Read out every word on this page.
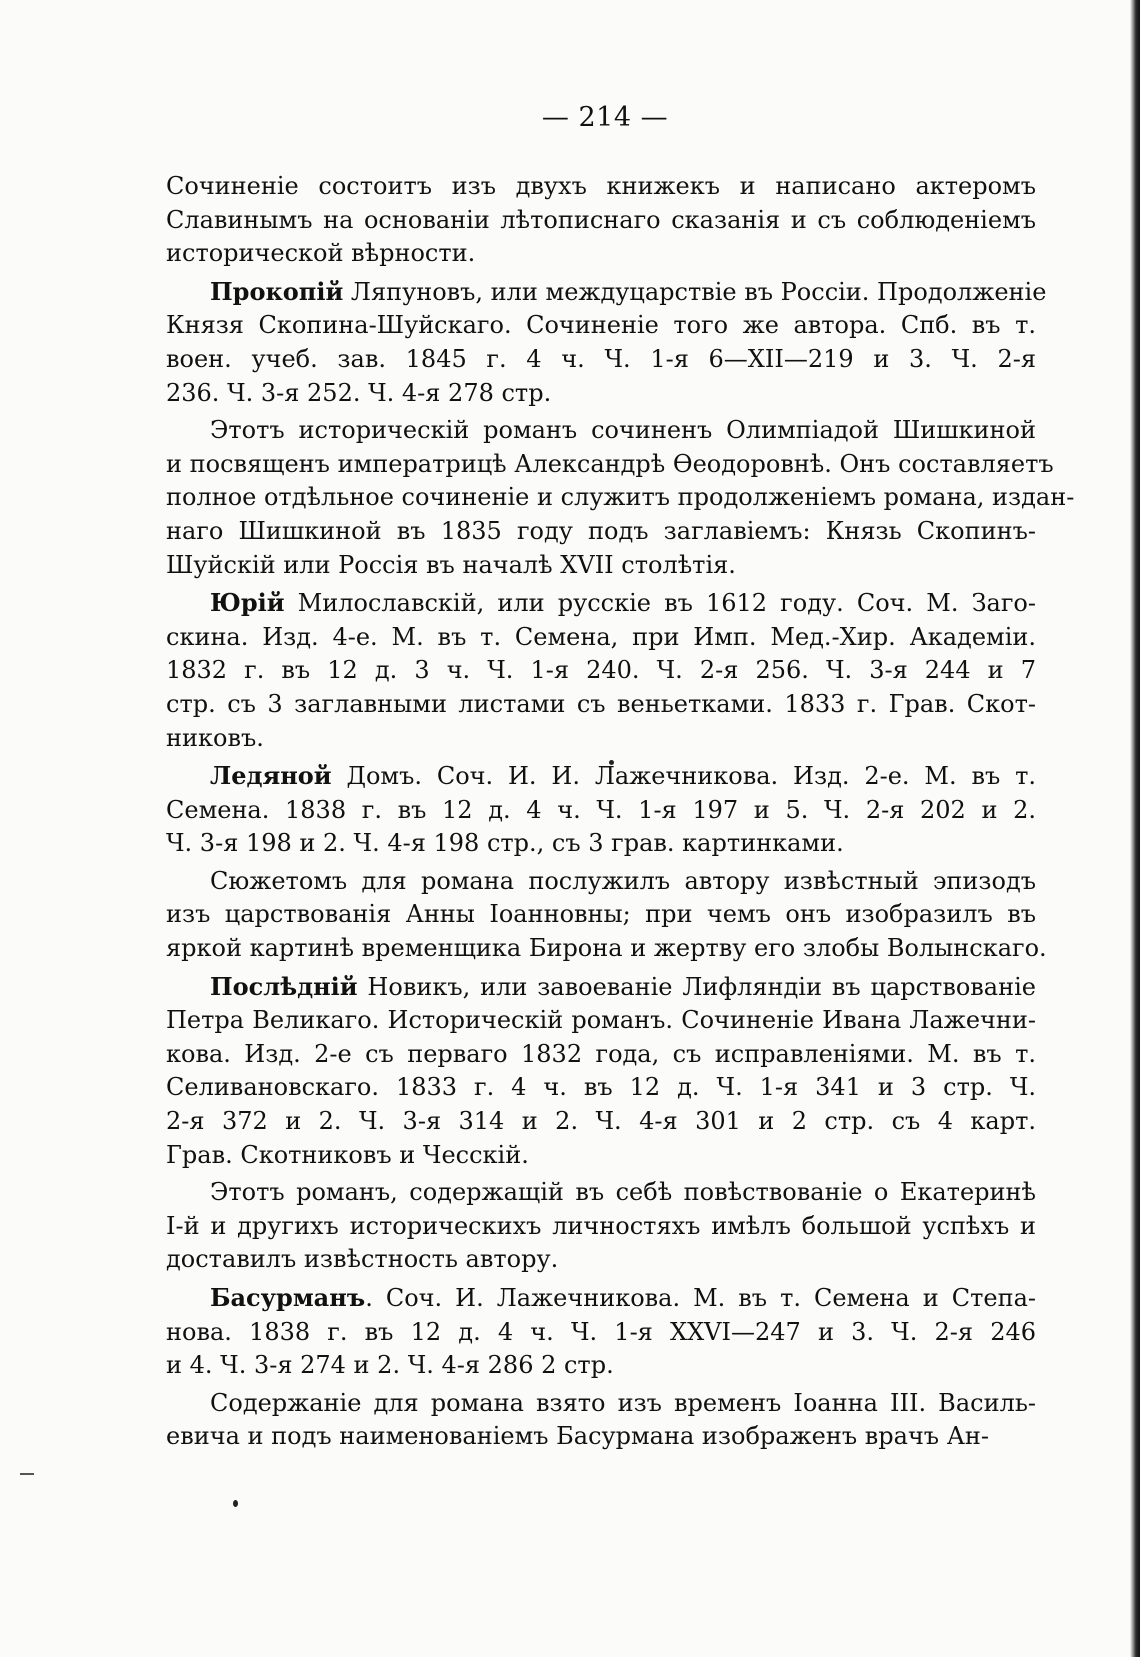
— 214 —
Сочиненіе состоитъ изъ двухъ книжекъ и написано актеромъ
Славинымъ на основаніи лѣтописнаго сказанія и съ соблюденіемъ
исторической вѣрности.
Прокопій Ляпуновъ, или междуцарствіе въ Россіи. Продолженіе
Князя Скопина-Шуйскаго. Сочиненіе того же автора. Спб. въ т.
воен. учеб. зав. 1845 г. 4 ч. Ч. 1-я 6—XII—219 и 3. Ч. 2-я
236. Ч. 3-я 252. Ч. 4-я 278 стр.
Этотъ историческій романъ сочиненъ Олимпіадой Шишкиной
и посвященъ императрицѣ Александрѣ Ѳеодоровнѣ. Онъ составляетъ
полное отдѣльное сочиненіе и служитъ продолженіемъ романа, издан-
наго Шишкиной въ 1835 году подъ заглавіемъ: Князь Скопинъ-
Шуйскій или Россія въ началѣ XVII столѣтія.
Юрій Милославскій, или русскіе въ 1612 году. Соч. М. Заго-
скина. Изд. 4-е. М. въ т. Семена, при Имп. Мед.-Хир. Академіи.
1832 г. въ 12 д. 3 ч. Ч. 1-я 240. Ч. 2-я 256. Ч. 3-я 244 и 7
стр. съ 3 заглавными листами съ веньетками. 1833 г. Грав. Скот-
никовъ.
Ледяной Домъ. Соч. И. И. Лажечникова. Изд. 2-е. М. въ т.
Семена. 1838 г. въ 12 д. 4 ч. Ч. 1-я 197 и 5. Ч. 2-я 202 и 2.
Ч. 3-я 198 и 2. Ч. 4-я 198 стр., съ 3 грав. картинками.
Сюжетомъ для романа послужилъ автору извѣстный эпизодъ
изъ царствованія Анны Іоанновны; при чемъ онъ изобразилъ въ
яркой картинѣ временщика Бирона и жертву его злобы Волынскаго.
Послѣдній Новикъ, или завоеваніе Лифляндіи въ царствованіе
Петра Великаго. Историческій романъ. Сочиненіе Ивана Лажечни-
кова. Изд. 2-е съ перваго 1832 года, съ исправленіями. М. въ т.
Селивановскаго. 1833 г. 4 ч. въ 12 д. Ч. 1-я 341 и 3 стр. Ч.
2-я 372 и 2. Ч. 3-я 314 и 2. Ч. 4-я 301 и 2 стр. съ 4 карт.
Грав. Скотниковъ и Чесскій.
Этотъ романъ, содержащій въ себѣ повѣствованіе о Екатеринѣ
I-й и другихъ историческихъ личностяхъ имѣлъ большой успѣхъ и
доставилъ извѣстность автору.
Басурманъ. Соч. И. Лажечникова. М. въ т. Семена и Степа-
нова. 1838 г. въ 12 д. 4 ч. Ч. 1-я XXVI—247 и 3. Ч. 2-я 246
и 4. Ч. 3-я 274 и 2. Ч. 4-я 286 2 стр.
Содержаніе для романа взято изъ временъ Іоанна III. Василь-
евича и подъ наименованіемъ Басурмана изображенъ врачъ Ан-
